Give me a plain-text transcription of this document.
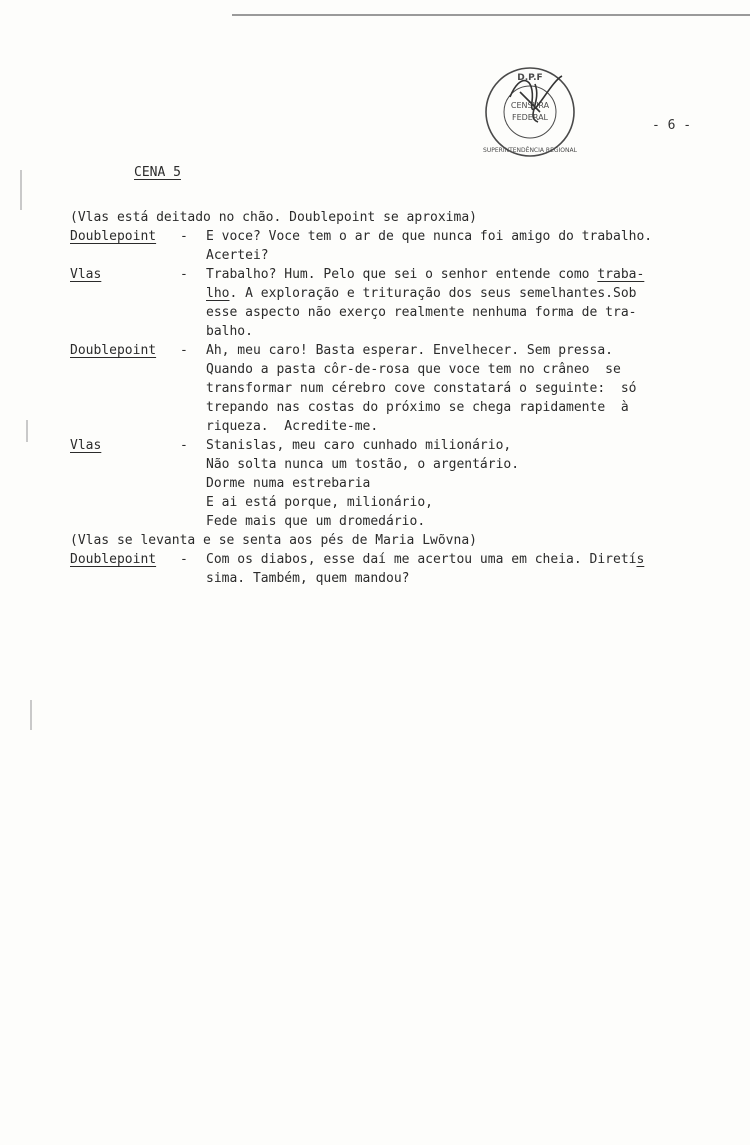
CENSURA
FEDERAL
D.P.F
SUPERINTENDÊNCIA REGIONAL
- 6 -
CENA 5

(Vlas está deitado no chão. Doublepoint se aproxima)

Doublepoint	-	E voce? Voce tem o ar de que nunca foi amigo do trabalho.
Acertei?
Vlas	-	Trabalho? Hum. Pelo que sei o senhor entende como traba-
lho. A exploração e trituração dos seus semelhantes.Sob
esse aspecto não exerço realmente nenhuma forma de tra-
balho.
Doublepoint	-	Ah, meu caro! Basta esperar. Envelhecer. Sem pressa.
Quando a pasta côr-de-rosa que voce tem no crâneo  se
transformar num cérebro cove constatará o seguinte:  só
trepando nas costas do próximo se chega rapidamente  à
riqueza.  Acredite-me.
Vlas	-	Stanislas, meu caro cunhado milionário,
Não solta nunca um tostão, o argentário.
Dorme numa estrebaria
E ai está porque, milionário,
Fede mais que um dromedário.

(Vlas se levanta e se senta aos pés de Maria Lwõvna)

Doublepoint	-	Com os diabos, esse daí me acertou uma em cheia. Diretís
sima. Também, quem mandou?
